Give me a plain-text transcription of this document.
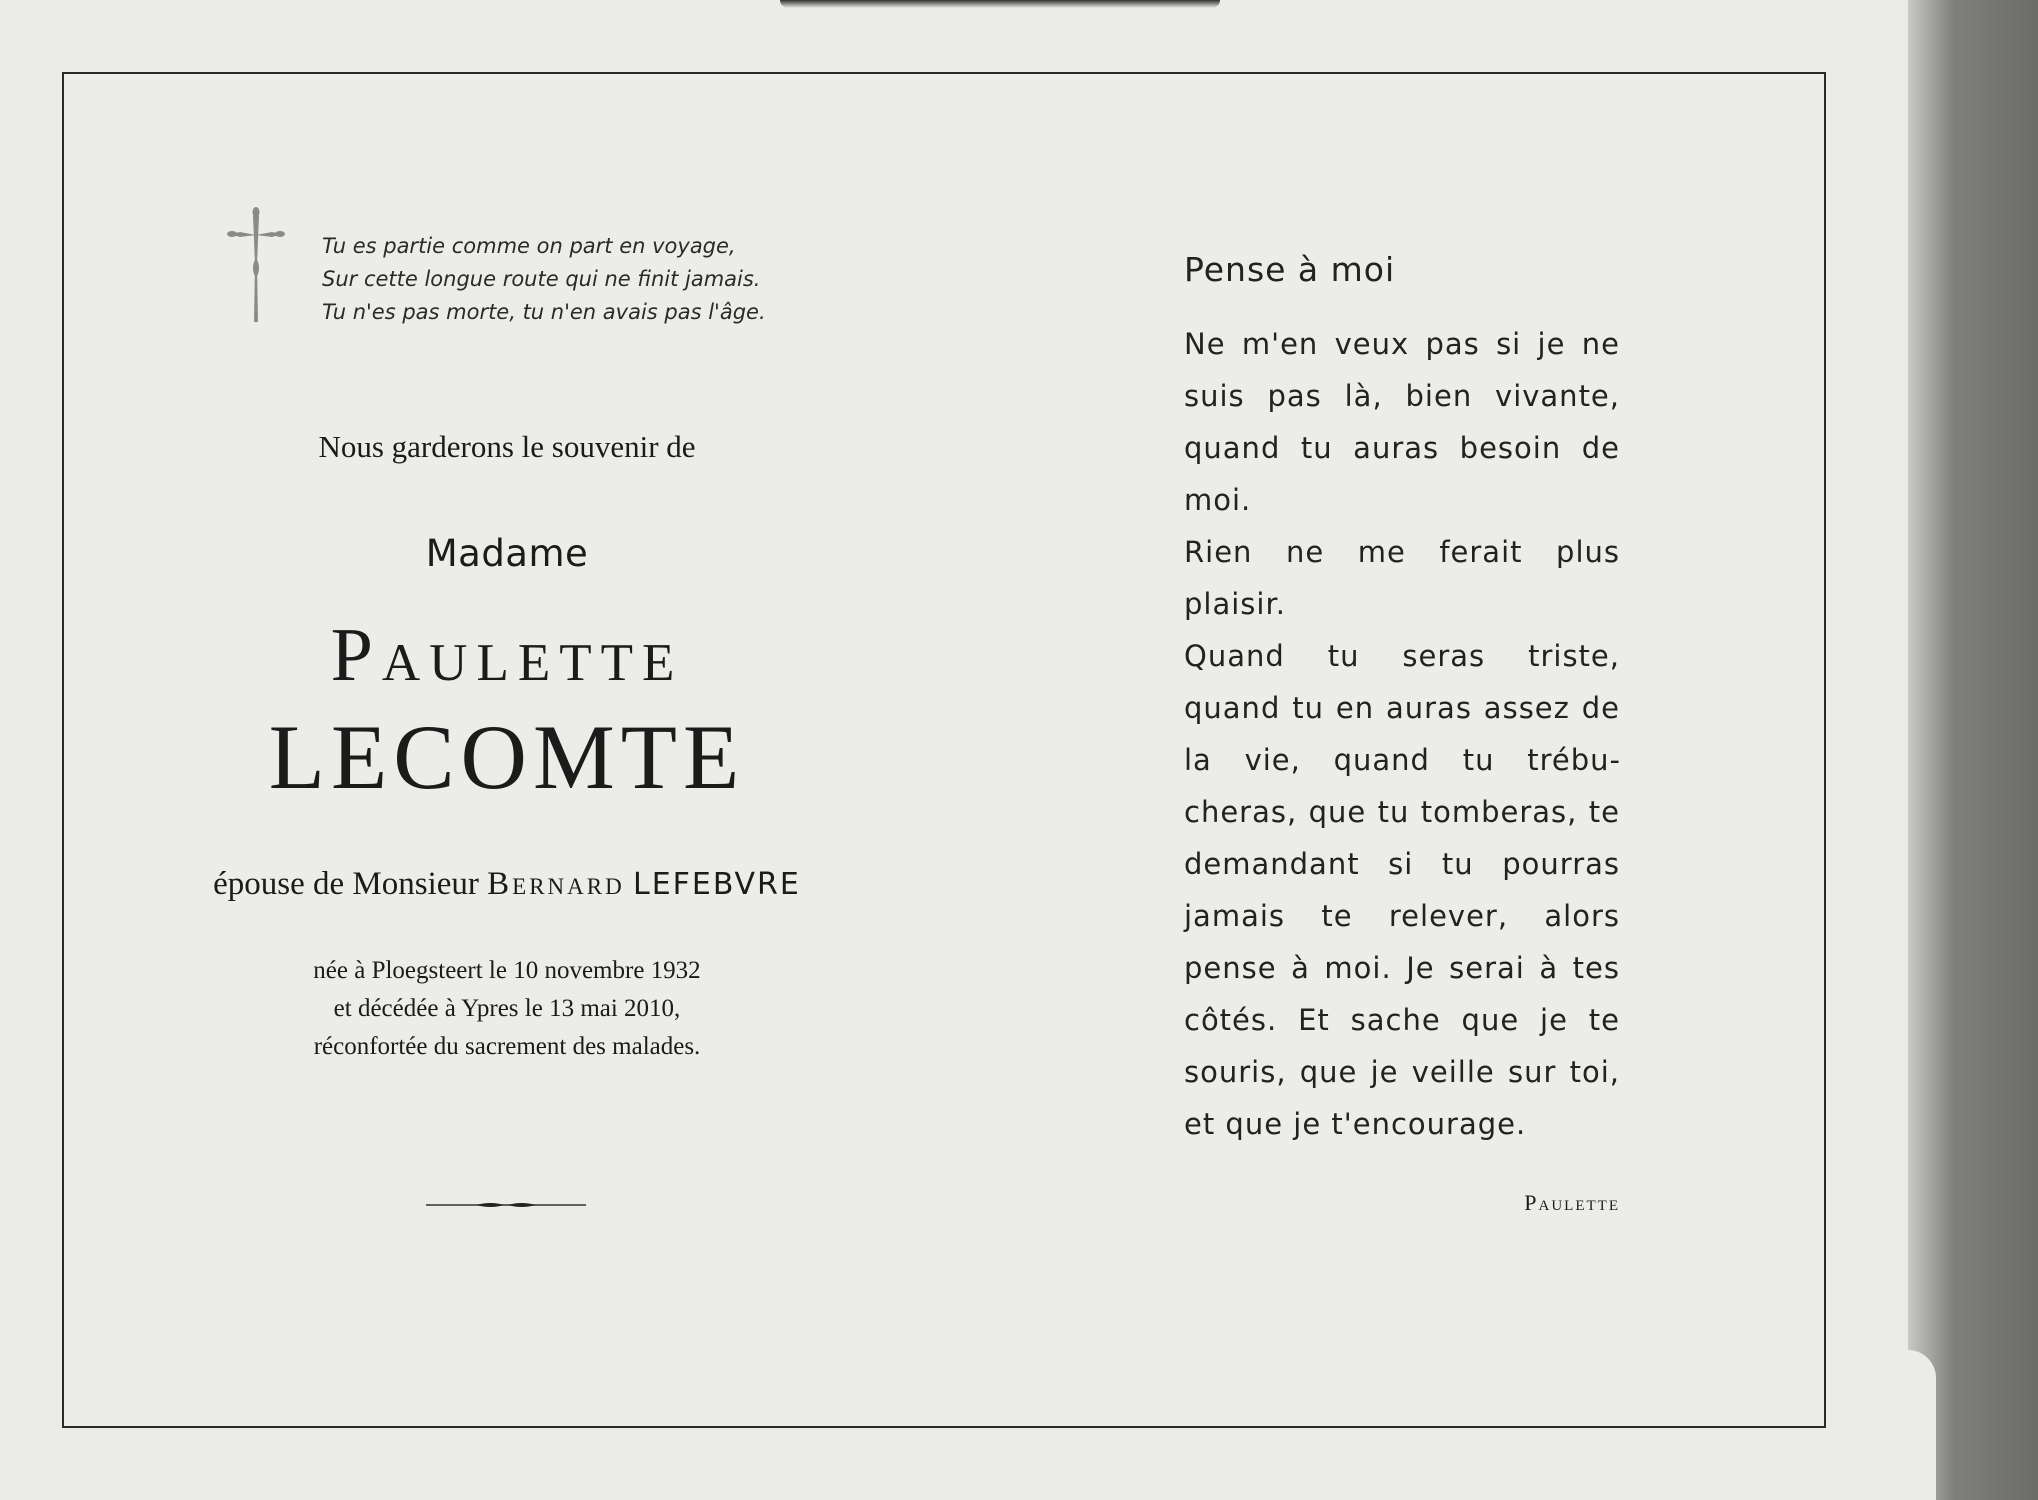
Tu es partie comme on part en voyage,
Sur cette longue route qui ne finit jamais.
Tu n'es pas morte, tu n'en avais pas l'âge.
Nous garderons le souvenir de
Madame
Paulette
LECOMTE
épouse de Monsieur Bernard LEFEBVRE
née à Ploegsteert le 10 novembre 1932
et décédée à Ypres le 13 mai 2010,
réconfortée du sacrement des malades.
Pense à moi

Ne m'en veux pas si je ne suis pas là, bien vivante, quand tu auras besoin de moi.

Rien ne me ferait plus plaisir.

Quand tu seras triste, quand tu en auras assez de la vie, quand tu trébucheras, que tu tomberas, te demandant si tu pourras jamais te relever, alors pense à moi. Je serai à tes côtés. Et sache que je te souris, que je veille sur toi, et que je t'encourage.

Paulette
